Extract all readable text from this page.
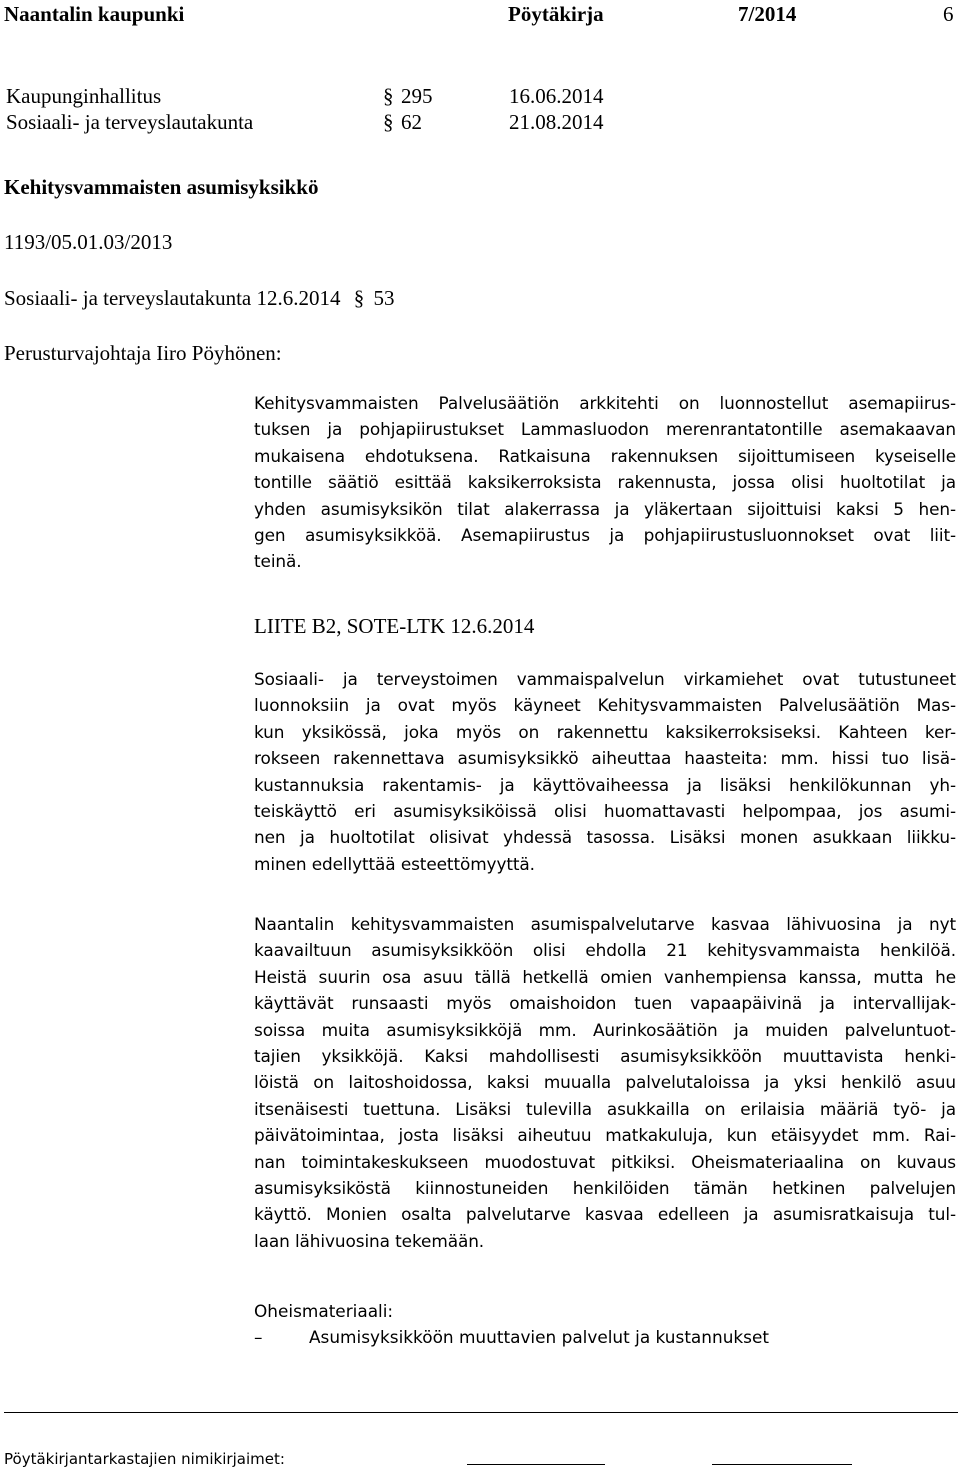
Naantalin kaupunki	Pöytäkirja	7/2014	6
Kaupunginhallitus	§ 295	16.06.2014
Sosiaali- ja terveyslautakunta	§ 62	21.08.2014
Kehitysvammaisten asumisyksikkö
1193/05.01.03/2013
Sosiaali- ja terveyslautakunta 12.6.2014 § 53
Perusturvajohtaja Iiro Pöyhönen:
Kehitysvammaisten Palvelusäätiön arkkitehti on luonnostellut asemapiirus-
tuksen ja pohjapiirustukset Lammasluodon merenrantatontille asemakaavan
mukaisena ehdotuksena. Ratkaisuna rakennuksen sijoittumiseen kyseiselle
tontille säätiö esittää kaksikerroksista rakennusta, jossa olisi huoltotilat ja
yhden asumisyksikön tilat alakerrassa ja yläkertaan sijoittuisi kaksi 5 hen-
gen asumisyksikköä. Asemapiirustus ja pohjapiirustusluonnokset ovat liit-
teinä.
LIITE B2, SOTE-LTK 12.6.2014
Sosiaali- ja terveystoimen vammaispalvelun virkamiehet ovat tutustuneet
luonnoksiin ja ovat myös käyneet Kehitysvammaisten Palvelusäätiön Mas-
kun yksikössä, joka myös on rakennettu kaksikerroksiseksi. Kahteen ker-
rokseen rakennettava asumisyksikkö aiheuttaa haasteita: mm. hissi tuo lisä-
kustannuksia rakentamis- ja käyttövaiheessa ja lisäksi henkilökunnan yh-
teiskäyttö eri asumisyksiköissä olisi huomattavasti helpompaa, jos asumi-
nen ja huoltotilat olisivat yhdessä tasossa. Lisäksi monen asukkaan liikku-
minen edellyttää esteettömyyttä.
Naantalin kehitysvammaisten asumispalvelutarve kasvaa lähivuosina ja nyt
kaavailtuun asumisyksikköön olisi ehdolla 21 kehitysvammaista henkilöä.
Heistä suurin osa asuu tällä hetkellä omien vanhempiensa kanssa, mutta he
käyttävät runsaasti myös omaishoidon tuen vapaapäivinä ja intervallijak-
soissa muita asumisyksikköjä mm. Aurinkosäätiön ja muiden palveluntuot-
tajien yksikköjä. Kaksi mahdollisesti asumisyksikköön muuttavista henki-
löistä on laitoshoidossa, kaksi muualla palvelutaloissa ja yksi henkilö asuu
itsenäisesti tuettuna. Lisäksi tulevilla asukkailla on erilaisia määriä työ- ja
päivätoimintaa, josta lisäksi aiheutuu matkakuluja, kun etäisyydet mm. Rai-
nan toimintakeskukseen muodostuvat pitkiksi. Oheismateriaalina on kuvaus
asumisyksiköstä kiinnostuneiden henkilöiden tämän hetkinen palvelujen
käyttö. Monien osalta palvelutarve kasvaa edelleen ja asumisratkaisuja tul-
laan lähivuosina tekemään.
Oheismateriaali:
–	Asumisyksikköön muuttavien palvelut ja kustannukset
Pöytäkirjantarkastajien nimikirjaimet:
